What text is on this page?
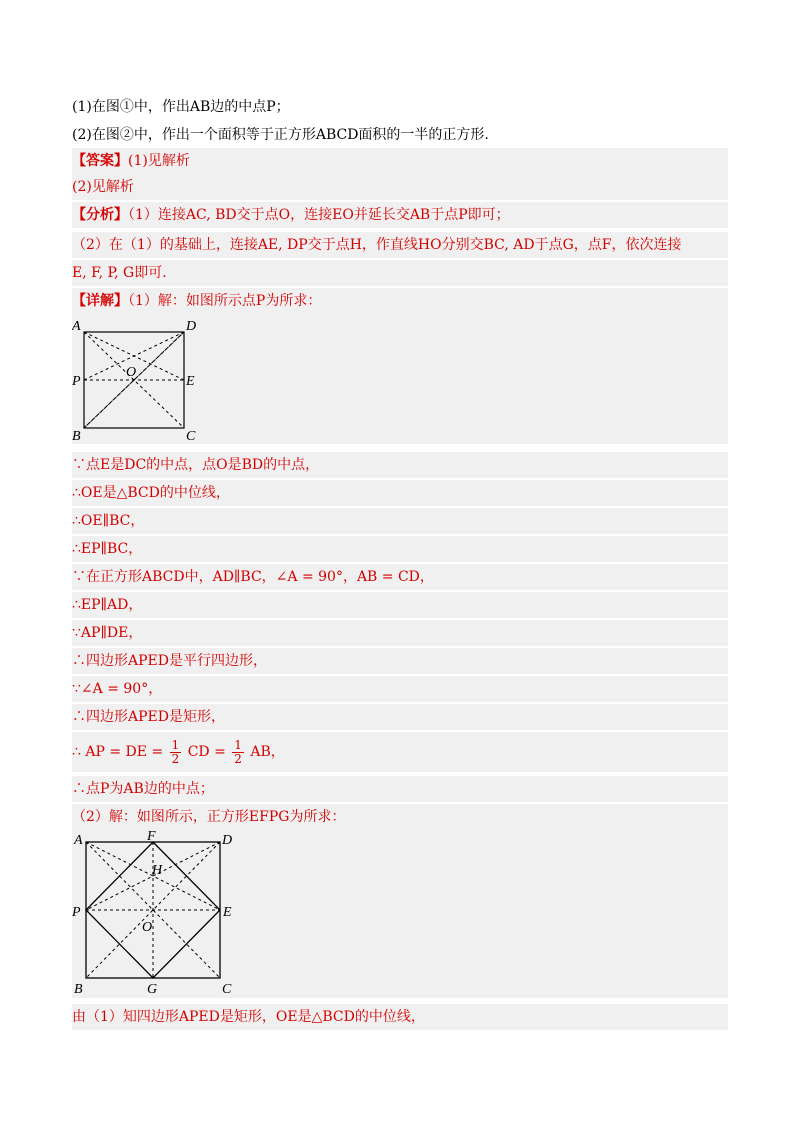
(1)在图①中，作出AB边的中点P；
(2)在图②中，作出一个面积等于正方形ABCD面积的一半的正方形.
【答案】(1)见解析
(2)见解析
【分析】（1）连接AC, BD交于点O，连接EO并延长交AB于点P即可；
（2）在（1）的基础上，连接AE, DP交于点H，作直线HO分别交BC, AD于点G，点F，依次连接
E, F, P, G即可.
【详解】（1）解：如图所示点P为所求：
A	D
P
O
E
B	C
∵点E是DC的中点，点O是BD的中点，
∴OE是△BCD的中位线，
∴OE∥BC，
∴EP∥BC，
∵在正方形ABCD中，AD∥BC，∠A = 90°，AB = CD，
∴EP∥AD，
∵AP∥DE，
∴四边形APED是平行四边形，
∵∠A = 90°，
∴四边形APED是矩形，
∴ AP = DE = $\frac{1}{2}$ CD = $\frac{1}{2}$ AB，
∴点P为AB边的中点；
（2）解：如图所示，正方形EFPG为所求：
A	F	D
H
P	E
O
B	G	C
由（1）知四边形APED是矩形，OE是△BCD的中位线，
